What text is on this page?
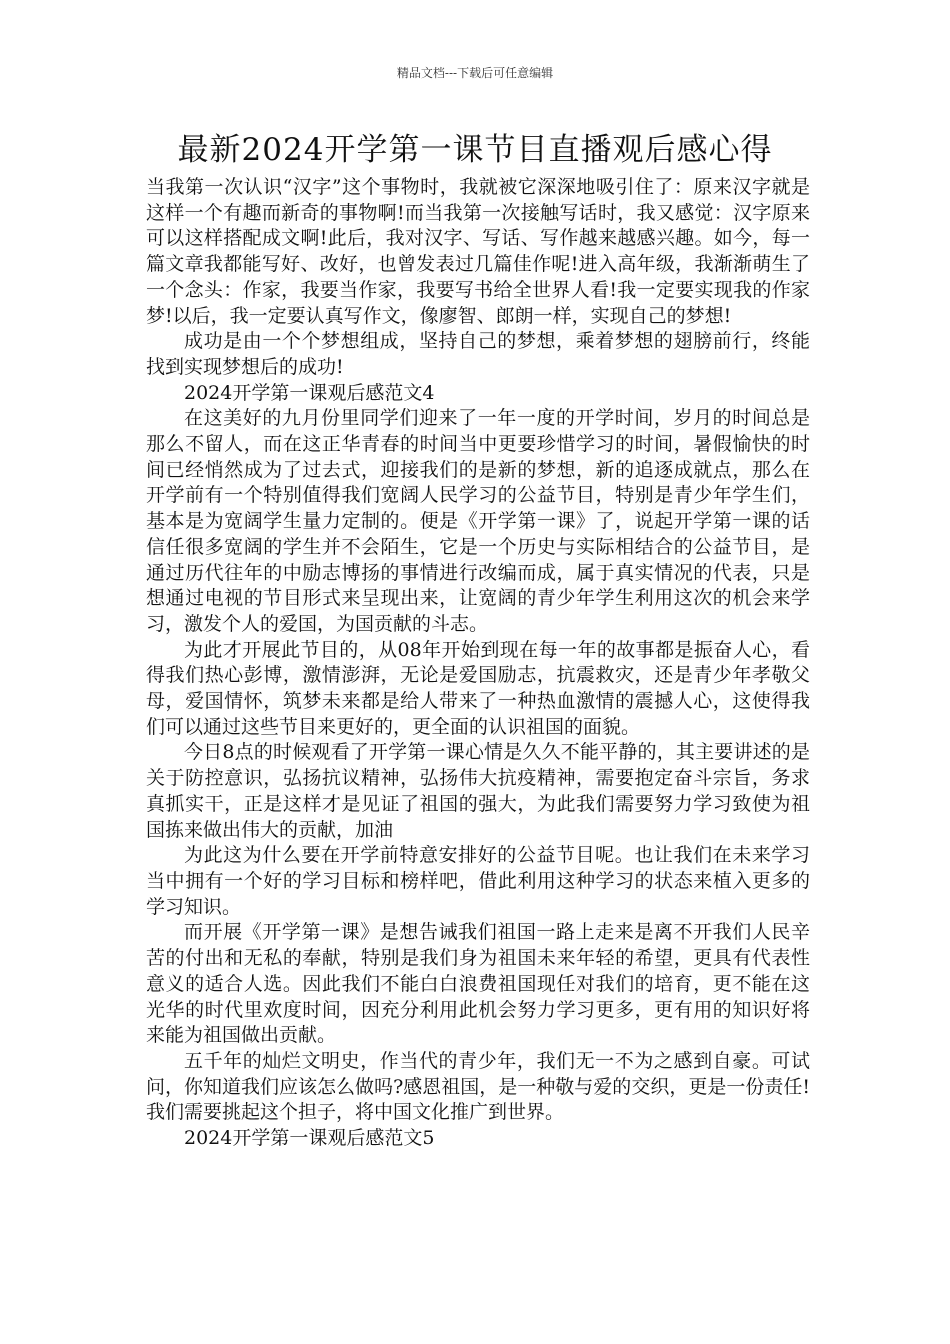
精品文档---下载后可任意编辑
最新2024开学第一课节目直播观后感心得

当我第一次认识“汉字”这个事物时，我就被它深深地吸引住了：原来汉字就是这样一个有趣而新奇的事物啊!而当我第一次接触写话时，我又感觉：汉字原来可以这样搭配成文啊!此后，我对汉字、写话、写作越来越感兴趣。如今，每一篇文章我都能写好、改好，也曾发表过几篇佳作呢!进入高年级，我渐渐萌生了一个念头：作家，我要当作家，我要写书给全世界人看!我一定要实现我的作家梦!以后，我一定要认真写作文，像廖智、郎朗一样，实现自己的梦想!

成功是由一个个梦想组成，坚持自己的梦想，乘着梦想的翅膀前行，终能找到实现梦想后的成功!

2024开学第一课观后感范文4

在这美好的九月份里同学们迎来了一年一度的开学时间，岁月的时间总是那么不留人，而在这正华青春的时间当中更要珍惜学习的时间，暑假愉快的时间已经悄然成为了过去式，迎接我们的是新的梦想，新的追逐成就点，那么在开学前有一个特别值得我们宽阔人民学习的公益节目，特别是青少年学生们，基本是为宽阔学生量力定制的。便是《开学第一课》了，说起开学第一课的话信任很多宽阔的学生并不会陌生，它是一个历史与实际相结合的公益节目，是通过历代往年的中励志博扬的事情进行改编而成，属于真实情况的代表，只是想通过电视的节目形式来呈现出来，让宽阔的青少年学生利用这次的机会来学习，激发个人的爱国，为国贡献的斗志。

为此才开展此节目的，从08年开始到现在每一年的故事都是振奋人心，看得我们热心彭博，激情澎湃，无论是爱国励志，抗震救灾，还是青少年孝敬父母，爱国情怀，筑梦未来都是给人带来了一种热血激情的震撼人心，这使得我们可以通过这些节目来更好的，更全面的认识祖国的面貌。

今日8点的时候观看了开学第一课心情是久久不能平静的，其主要讲述的是关于防控意识，弘扬抗议精神，弘扬伟大抗疫精神，需要抱定奋斗宗旨，务求真抓实干，正是这样才是见证了祖国的强大，为此我们需要努力学习致使为祖国拣来做出伟大的贡献，加油

为此这为什么要在开学前特意安排好的公益节目呢。也让我们在未来学习当中拥有一个好的学习目标和榜样吧，借此利用这种学习的状态来植入更多的学习知识。

而开展《开学第一课》是想告诫我们祖国一路上走来是离不开我们人民辛苦的付出和无私的奉献，特别是我们身为祖国未来年轻的希望，更具有代表性意义的适合人选。因此我们不能白白浪费祖国现任对我们的培育，更不能在这光华的时代里欢度时间，因充分利用此机会努力学习更多，更有用的知识好将来能为祖国做出贡献。

五千年的灿烂文明史，作当代的青少年，我们无一不为之感到自豪。可试问，你知道我们应该怎么做吗?感恩祖国，是一种敬与爱的交织，更是一份责任!我们需要挑起这个担子，将中国文化推广到世界。

2024开学第一课观后感范文5
